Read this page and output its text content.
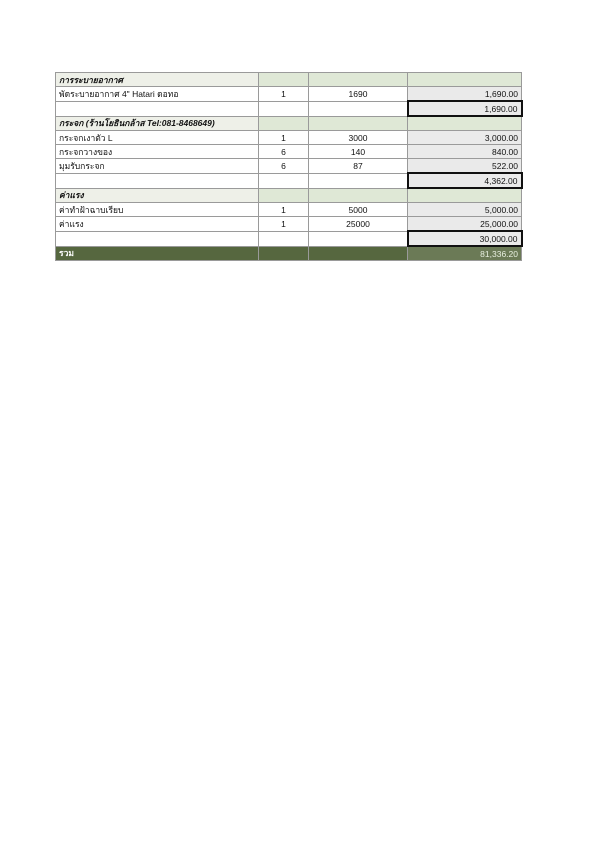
การระบายอากาศ			
พัดระบายอากาศ 4" Hatari ดอทอ	1	1690	1,690.00
			1,690.00
กระจก (ร้านโยธินกล้าส Tel:081-8468649)			
กระจกเงาตัว L	1	3000	3,000.00
กระจกวางของ	6	140	840.00
มุมรับกระจก	6	87	522.00
			4,362.00
ค่าแรง			
ค่าทำฝ้าฉาบเรียบ	1	5000	5,000.00
ค่าแรง	1	25000	25,000.00
			30,000.00
รวม			81,336.20
